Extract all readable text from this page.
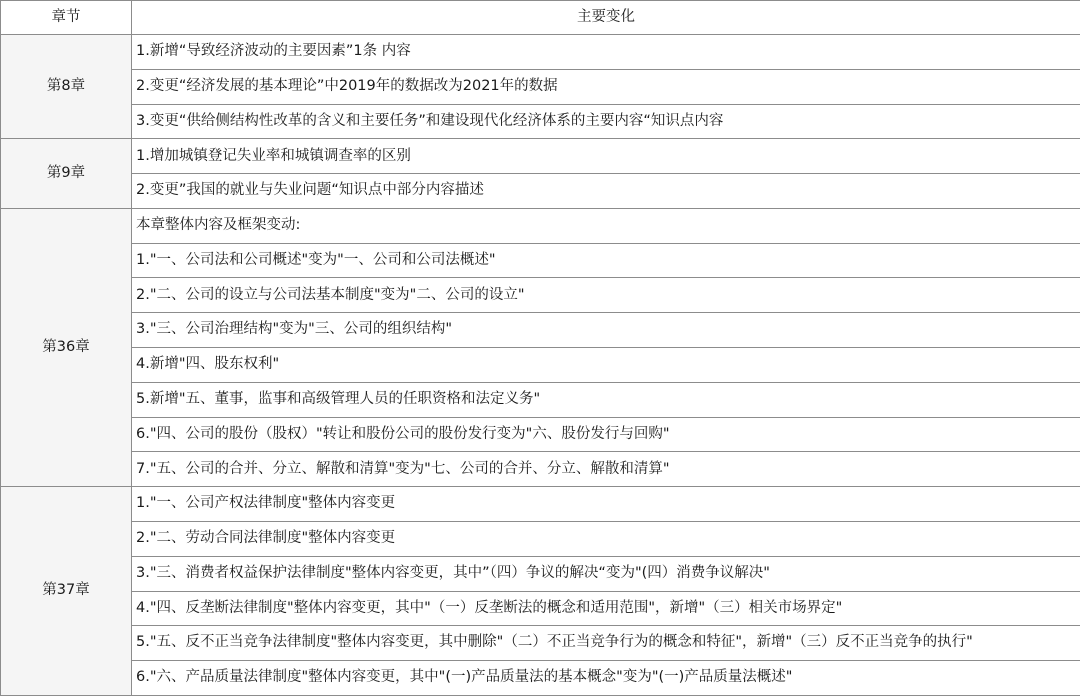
章节	主要变化
第8章	1.新增“导致经济波动的主要因素”1条 内容
	2.变更“经济发展的基本理论”中2019年的数据改为2021年的数据
	3.变更“供给侧结构性改革的含义和主要任务”和建设现代化经济体系的主要内容“知识点内容
第9章	1.增加城镇登记失业率和城镇调查率的区别
	2.变更”我国的就业与失业问题“知识点中部分内容描述
第36章	本章整体内容及框架变动:
	1."一、公司法和公司概述"变为"一、公司和公司法概述"
	2."二、公司的设立与公司法基本制度"变为"二、公司的设立"
	3."三、公司治理结构"变为"三、公司的组织结构"
	4.新增"四、股东权利"
	5.新增"五、董事，监事和高级管理人员的任职资格和法定义务"
	6."四、公司的股份（股权）"转让和股份公司的股份发行变为"六、股份发行与回购"
	7."五、公司的合并、分立、解散和清算"变为"七、公司的合并、分立、解散和清算"
第37章	1."一、公司产权法律制度"整体内容变更
	2."二、劳动合同法律制度"整体内容变更
	3."三、消费者权益保护法律制度"整体内容变更，其中”（四）争议的解决“变为"(四）消费争议解决"
	4."四、反垄断法律制度"整体内容变更，其中"（一）反垄断法的概念和适用范围"，新增"（三）相关市场界定"
	5."五、反不正当竞争法律制度"整体内容变更，其中删除"（二）不正当竞争行为的概念和特征"，新增"（三）反不正当竞争的执行"
	6."六、产品质量法律制度"整体内容变更，其中"(一)产品质量法的基本概念"变为"(一)产品质量法概述"
